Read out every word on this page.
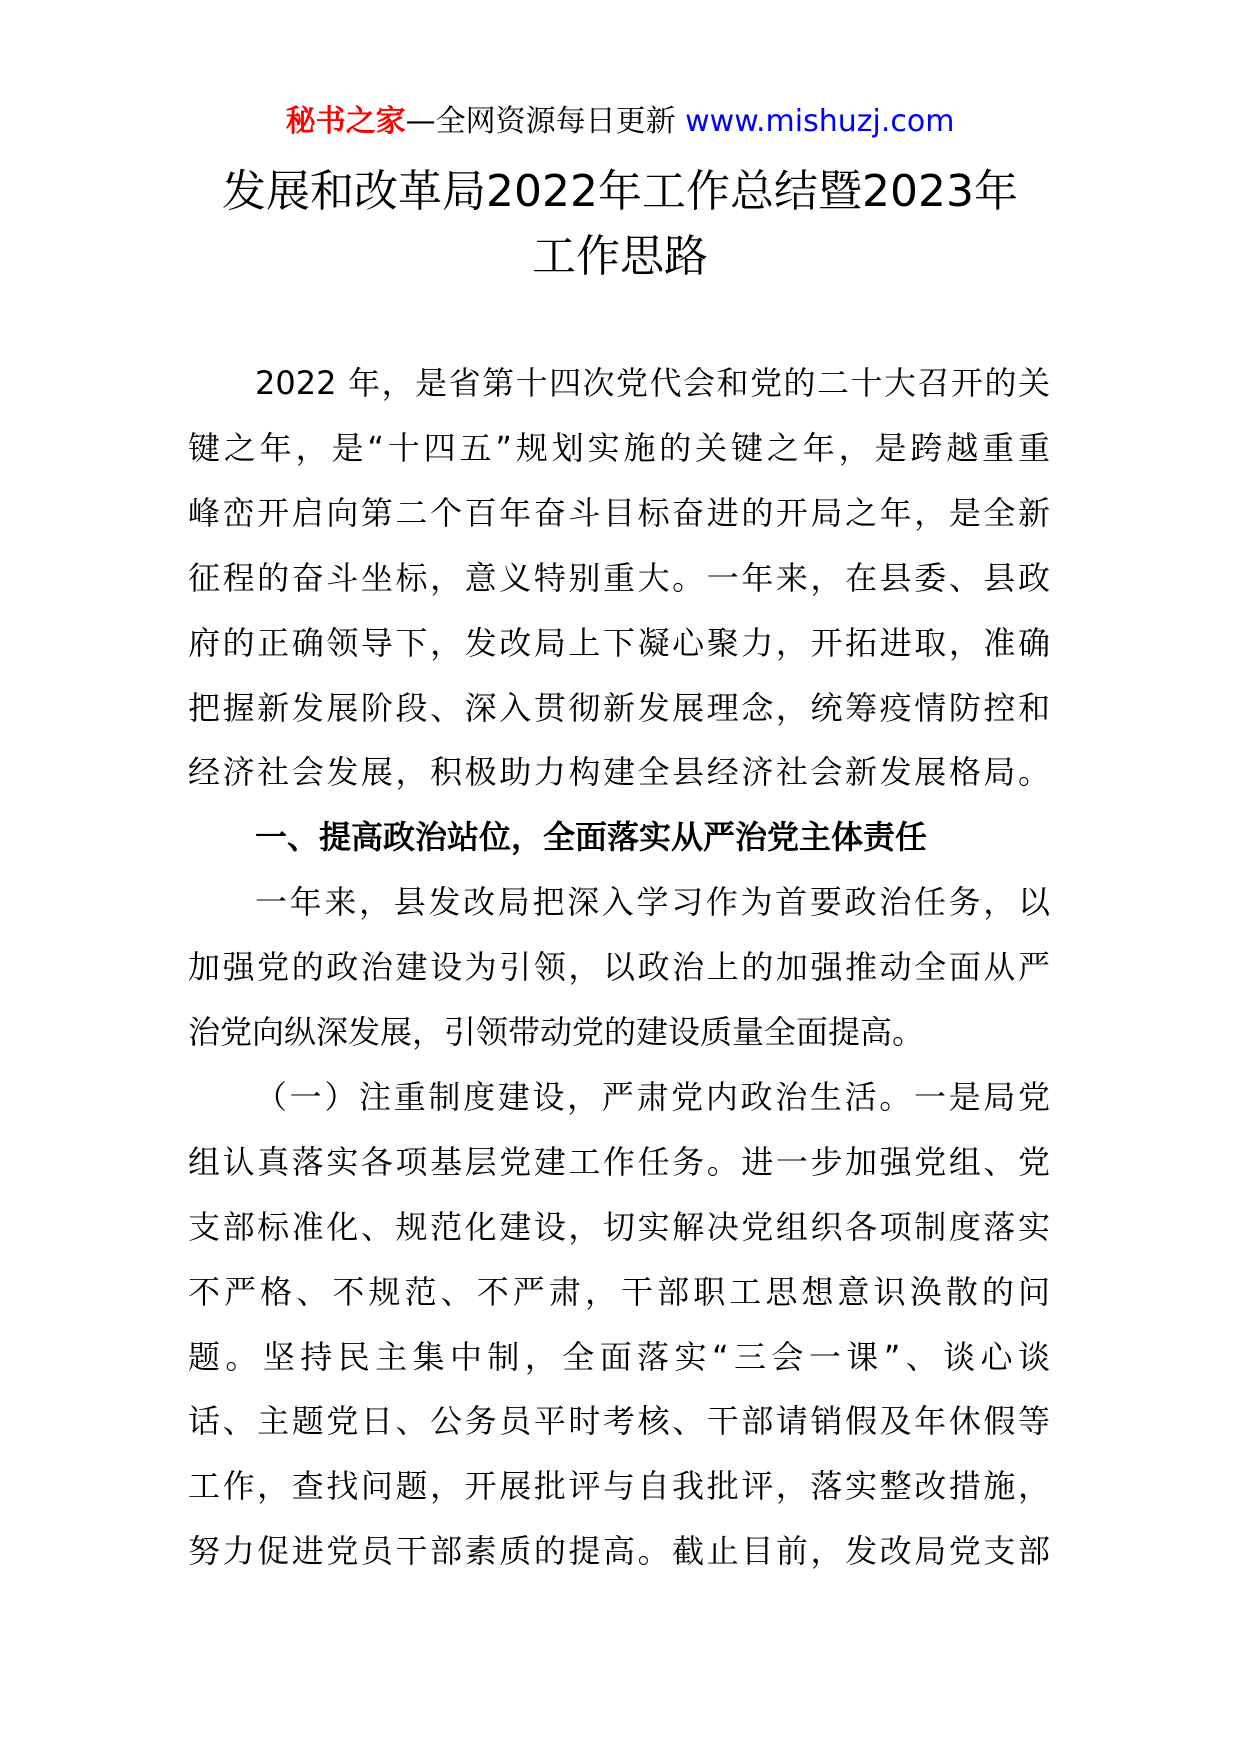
秘书之家—全网资源每日更新 www.mishuzj.com
发展和改革局2022年工作总结暨2023年
工作思路
2022 年，是省第十四次党代会和党的二十大召开的关
键之年，是“十四五”规划实施的关键之年，是跨越重重
峰峦开启向第二个百年奋斗目标奋进的开局之年，是全新
征程的奋斗坐标，意义特别重大。一年来，在县委、县政
府的正确领导下，发改局上下凝心聚力，开拓进取，准确
把握新发展阶段、深入贯彻新发展理念，统筹疫情防控和
经济社会发展，积极助力构建全县经济社会新发展格局。
一、提高政治站位，全面落实从严治党主体责任
一年来，县发改局把深入学习作为首要政治任务，以
加强党的政治建设为引领，以政治上的加强推动全面从严
治党向纵深发展，引领带动党的建设质量全面提高。
（一）注重制度建设，严肃党内政治生活。一是局党
组认真落实各项基层党建工作任务。进一步加强党组、党
支部标准化、规范化建设，切实解决党组织各项制度落实
不严格、不规范、不严肃，干部职工思想意识涣散的问
题。坚持民主集中制，全面落实“三会一课”、谈心谈
话、主题党日、公务员平时考核、干部请销假及年休假等
工作，查找问题，开展批评与自我批评，落实整改措施，
努力促进党员干部素质的提高。截止目前，发改局党支部
